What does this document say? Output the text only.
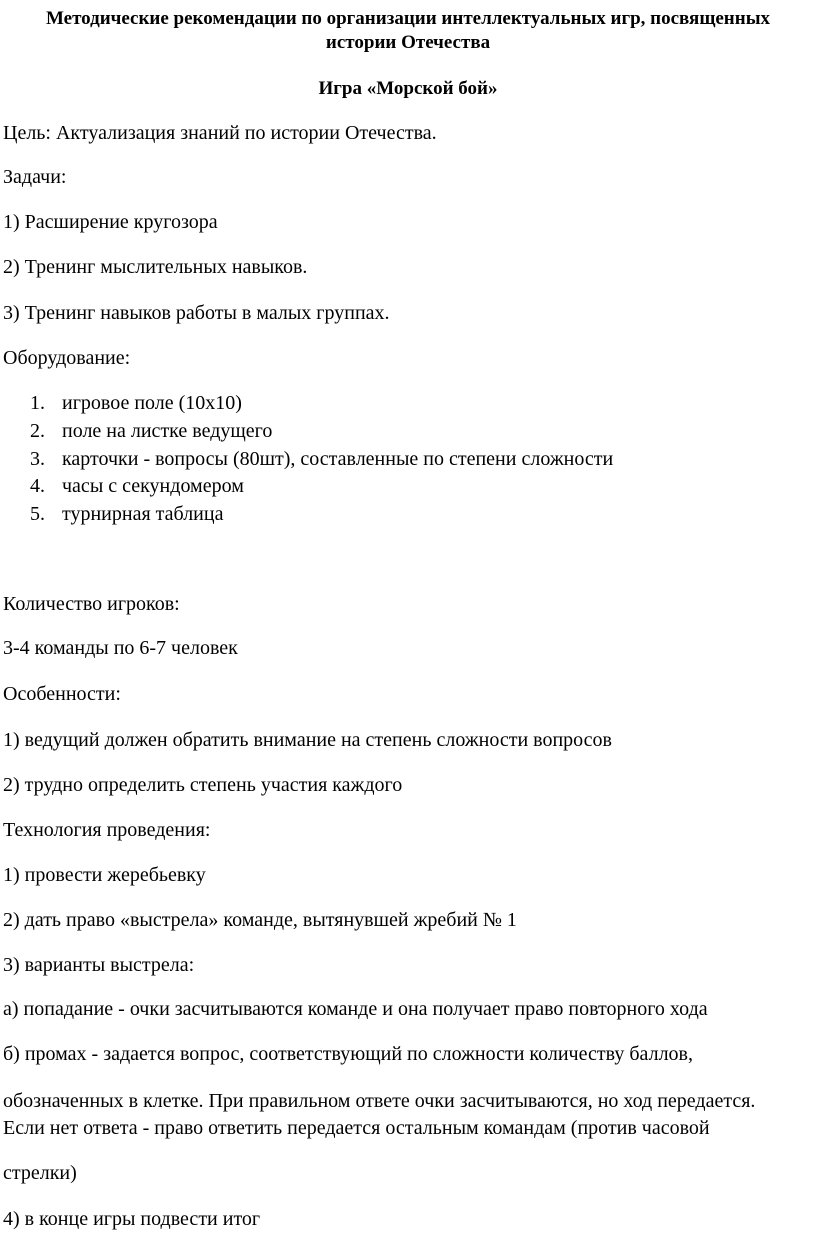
Методические рекомендации по организации интеллектуальных игр, посвященных
истории Отечества
Игра «Морской бой»
Цель: Актуализация знаний по истории Отечества.
Задачи:
1) Расширение кругозора
2) Тренинг мыслительных навыков.
3) Тренинг навыков работы в малых группах.
Оборудование:
1. игровое поле (10х10)
2. поле на листке ведущего
3. карточки - вопросы (80шт), составленные по степени сложности
4. часы с секундомером
5. турнирная таблица
Количество игроков:
3-4 команды по 6-7 человек
Особенности:
1) ведущий должен обратить внимание на степень сложности вопросов
2) трудно определить степень участия каждого
Технология проведения:
1) провести жеребьевку
2) дать право «выстрела» команде, вытянувшей жребий № 1
3) варианты выстрела:
а) попадание - очки засчитываются команде и она получает право повторного хода
б) промах - задается вопрос, соответствующий по сложности количеству баллов,
обозначенных в клетке. При правильном ответе очки засчитываются, но ход передается.
Если нет ответа - право ответить передается остальным командам (против часовой
стрелки)
4) в конце игры подвести итог
